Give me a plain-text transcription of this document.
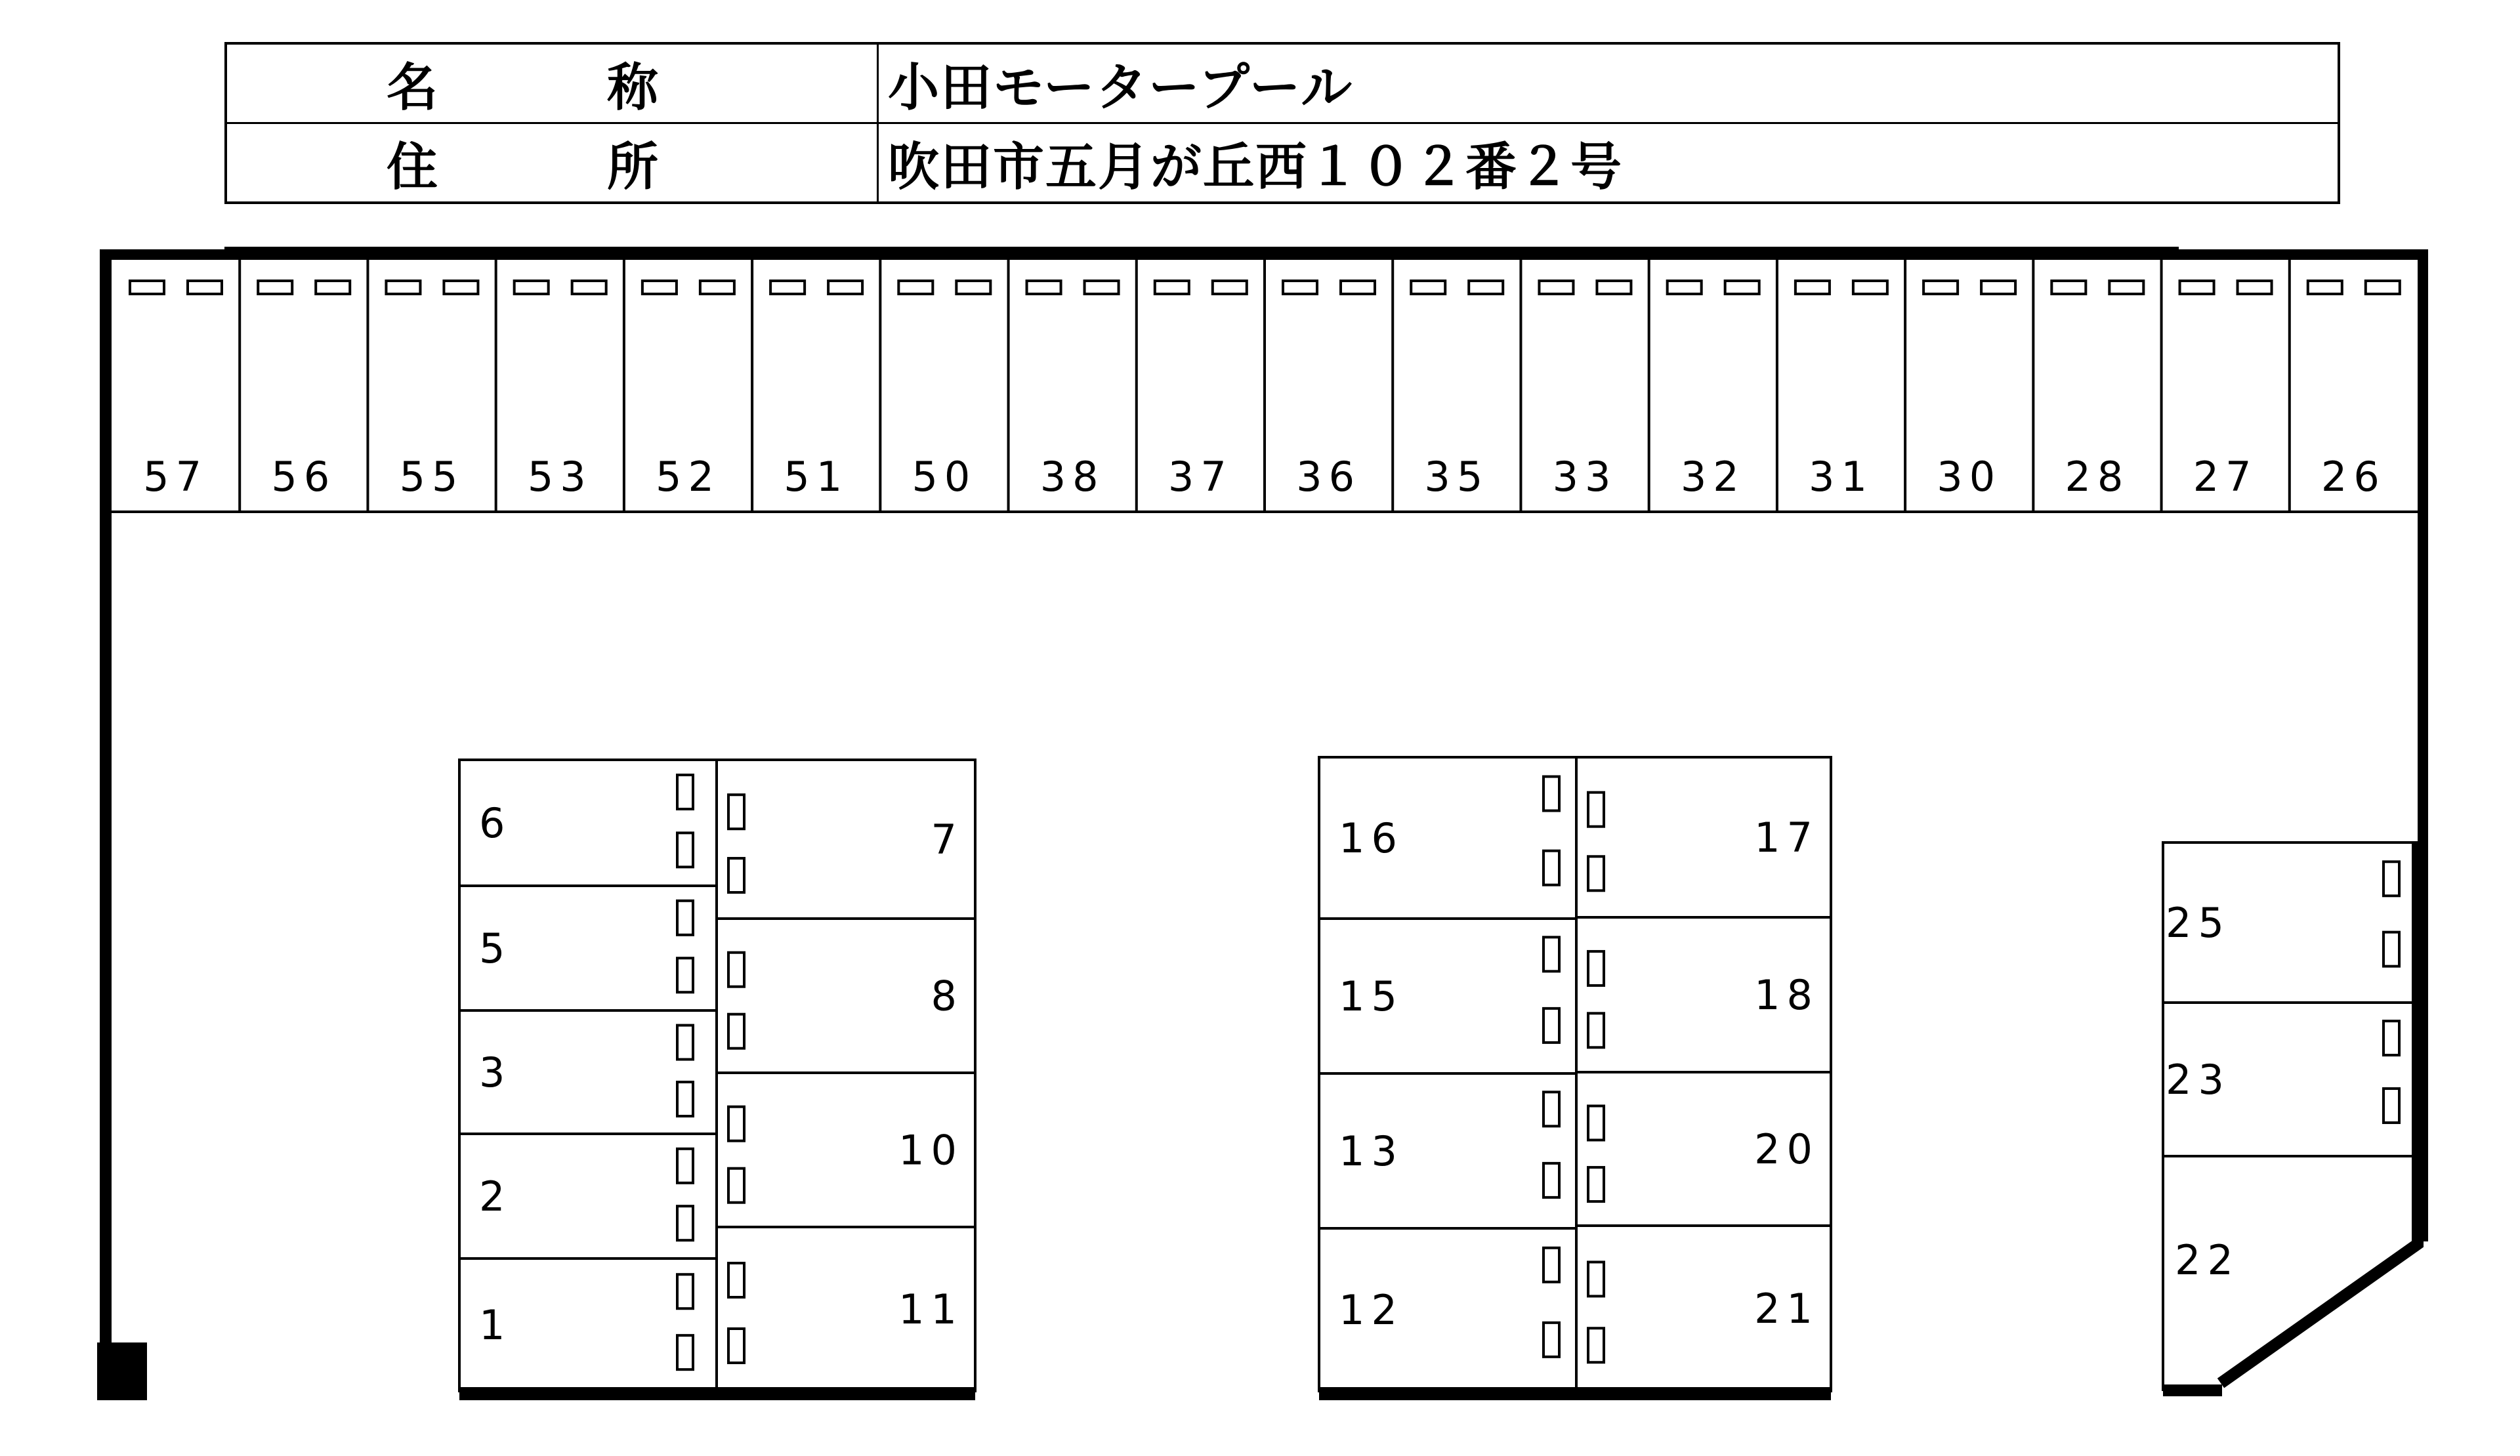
名　称	小田モータープール
住　所	吹田市五月が丘西１０２番２号
57 56 55 53 52 51 50 38 37 36 35 33 32 31 30 28 27 26
6
5
3
2
1
7
8
10
11
16
15
13
12
17
18
20
21
25
23
22
